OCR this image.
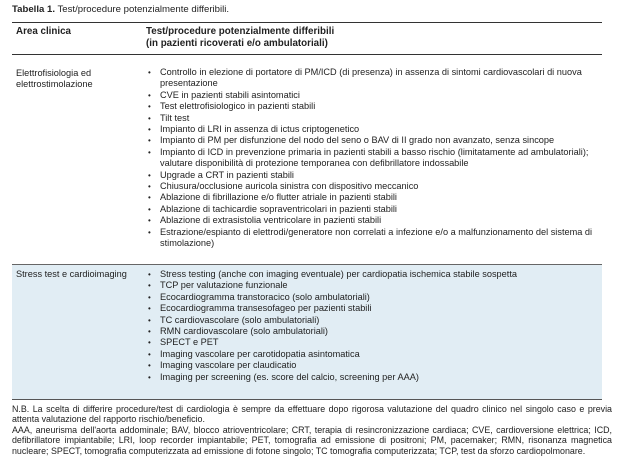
Tabella 1. Test/procedure potenzialmente differibili.
Area clinica	Test/procedure potenzialmente differibili
(in pazienti ricoverati e/o ambulatoriali)
Elettrofisiologia ed elettrostimolazione
• Controllo in elezione di portatore di PM/ICD (di presenza) in assenza di sintomi cardiovascolari di nuova presentazione
• CVE in pazienti stabili asintomatici
• Test elettrofisiologico in pazienti stabili
• Tilt test
• Impianto di LRI in assenza di ictus criptogenetico
• Impianto di PM per disfunzione del nodo del seno o BAV di II grado non avanzato, senza sincope
• Impianto di ICD in prevenzione primaria in pazienti stabili a basso rischio (limitatamente ad ambulatoriali); valutare disponibilità di protezione temporanea con defibrillatore indossabile
• Upgrade a CRT in pazienti stabili
• Chiusura/occlusione auricola sinistra con dispositivo meccanico
• Ablazione di fibrillazione e/o flutter atriale in pazienti stabili
• Ablazione di tachicardie sopraventricolari in pazienti stabili
• Ablazione di extrasistolia ventricolare in pazienti stabili
• Estrazione/espianto di elettrodi/generatore non correlati a infezione e/o a malfunzionamento del sistema di stimolazione)
Stress test e cardioimaging	• Stress testing (anche con imaging eventuale) per cardiopatia ischemica stabile sospetta
• TCP per valutazione funzionale
• Ecocardiogramma transtoracico (solo ambulatoriali)
• Ecocardiogramma transesofageo per pazienti stabili
• TC cardiovascolare (solo ambulatoriali)
• RMN cardiovascolare (solo ambulatoriali)
• SPECT e PET
• Imaging vascolare per carotidopatia asintomatica
• Imaging vascolare per claudicatio
• Imaging per screening (es. score del calcio, screening per AAA)

N.B. La scelta di differire procedure/test di cardiologia è sempre da effettuare dopo rigorosa valutazione del quadro clinico nel singolo caso e previa attenta valutazione del rapporto rischio/beneficio.

AAA, aneurisma dell'aorta addominale; BAV, blocco atrioventricolare; CRT, terapia di resincronizzazione cardiaca; CVE, cardioversione elettrica; ICD, defibrillatore impiantabile; LRI, loop recorder impiantabile; PET, tomografia ad emissione di positroni; PM, pacemaker; RMN, risonanza magnetica nucleare; SPECT, tomografia computerizzata ad emissione di fotone singolo; TC tomografia computerizzata; TCP, test da sforzo cardiopolmonare.
